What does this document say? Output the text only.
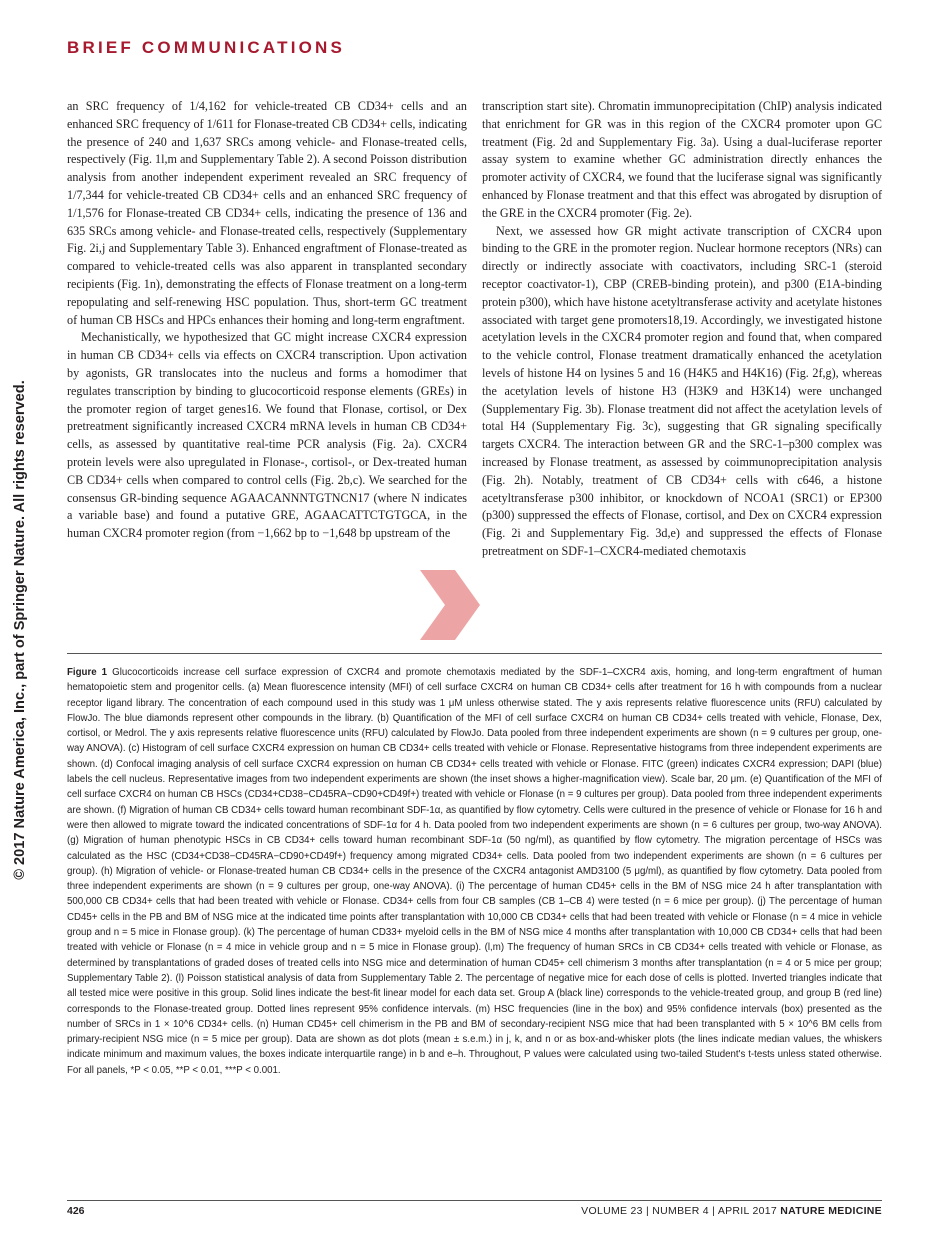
BRIEF COMMUNICATIONS
© 2017 Nature America, Inc., part of Springer Nature. All rights reserved.

an SRC frequency of 1/4,162 for vehicle-treated CB CD34+ cells and an enhanced SRC frequency of 1/611 for Flonase-treated CB CD34+ cells, indicating the presence of 240 and 1,637 SRCs among vehicle- and Flonase-treated cells, respectively (Fig. 1l,m and Supplementary Table 2). A second Poisson distribution analysis from another independent experiment revealed an SRC frequency of 1/7,344 for vehicle-treated CB CD34+ cells and an enhanced SRC frequency of 1/1,576 for Flonase-treated CB CD34+ cells, indicating the presence of 136 and 635 SRCs among vehicle- and Flonase-treated cells, respectively (Supplementary Fig. 2i,j and Supplementary Table 3). Enhanced engraftment of Flonase-treated as compared to vehicle-treated cells was also apparent in transplanted secondary recipients (Fig. 1n), demonstrating the effects of Flonase treatment on a long-term repopulating and self-renewing HSC population. Thus, short-term GC treatment of human CB HSCs and HPCs enhances their homing and long-term engraftment.

Mechanistically, we hypothesized that GC might increase CXCR4 expression in human CB CD34+ cells via effects on CXCR4 transcription. Upon activation by agonists, GR translocates into the nucleus and forms a homodimer that regulates transcription by binding to glucocorticoid response elements (GREs) in the promoter region of target genes16. We found that Flonase, cortisol, or Dex pretreatment significantly increased CXCR4 mRNA levels in human CB CD34+ cells, as assessed by quantitative real-time PCR analysis (Fig. 2a). CXCR4 protein levels were also upregulated in Flonase-, cortisol-, or Dex-treated human CB CD34+ cells when compared to control cells (Fig. 2b,c). We searched for the consensus GR-binding sequence AGAACANNNTGTNCN17 (where N indicates a variable base) and found a putative GRE, AGAACATTCTGTGCA, in the human CXCR4 promoter region (from −1,662 bp to −1,648 bp upstream of the

transcription start site). Chromatin immunoprecipitation (ChIP) analysis indicated that enrichment for GR was in this region of the CXCR4 promoter upon GC treatment (Fig. 2d and Supplementary Fig. 3a). Using a dual-luciferase reporter assay system to examine whether GC administration directly enhances the promoter activity of CXCR4, we found that the luciferase signal was significantly enhanced by Flonase treatment and that this effect was abrogated by disruption of the GRE in the CXCR4 promoter (Fig. 2e).

Next, we assessed how GR might activate transcription of CXCR4 upon binding to the GRE in the promoter region. Nuclear hormone receptors (NRs) can directly or indirectly associate with coactivators, including SRC-1 (steroid receptor coactivator-1), CBP (CREB-binding protein), and p300 (E1A-binding protein p300), which have histone acetyltransferase activity and acetylate histones associated with target gene promoters18,19. Accordingly, we investigated histone acetylation levels in the CXCR4 promoter region and found that, when compared to the vehicle control, Flonase treatment dramatically enhanced the acetylation levels of histone H4 on lysines 5 and 16 (H4K5 and H4K16) (Fig. 2f,g), whereas the acetylation levels of histone H3 (H3K9 and H3K14) were unchanged (Supplementary Fig. 3b). Flonase treatment did not affect the acetylation levels of total H4 (Supplementary Fig. 3c), suggesting that GR signaling specifically targets CXCR4. The interaction between GR and the SRC-1–p300 complex was increased by Flonase treatment, as assessed by coimmunoprecipitation analysis (Fig. 2h). Notably, treatment of CB CD34+ cells with c646, a histone acetyltransferase p300 inhibitor, or knockdown of NCOA1 (SRC1) or EP300 (p300) suppressed the effects of Flonase, cortisol, and Dex on CXCR4 expression (Fig. 2i and Supplementary Fig. 3d,e) and suppressed the effects of Flonase pretreatment on SDF-1–CXCR4-mediated chemotaxis

Figure 1 Glucocorticoids increase cell surface expression of CXCR4 and promote chemotaxis mediated by the SDF-1–CXCR4 axis, homing, and long-term engraftment of human hematopoietic stem and progenitor cells. (a) Mean fluorescence intensity (MFI) of cell surface CXCR4 on human CB CD34+ cells after treatment for 16 h with compounds from a nuclear receptor ligand library. The concentration of each compound used in this study was 1 μM unless otherwise stated. The y axis represents relative fluorescence units (RFU) calculated by FlowJo. The blue diamonds represent other compounds in the library. (b) Quantification of the MFI of cell surface CXCR4 on human CB CD34+ cells treated with vehicle, Flonase, Dex, cortisol, or Medrol. The y axis represents relative fluorescence units (RFU) calculated by FlowJo. Data pooled from three independent experiments are shown (n = 9 cultures per group, one-way ANOVA). (c) Histogram of cell surface CXCR4 expression on human CB CD34+ cells treated with vehicle or Flonase. Representative histograms from three independent experiments are shown. (d) Confocal imaging analysis of cell surface CXCR4 expression on human CB CD34+ cells treated with vehicle or Flonase. FITC (green) indicates CXCR4 expression; DAPI (blue) labels the cell nucleus. Representative images from two independent experiments are shown (the inset shows a higher-magnification view). Scale bar, 20 μm. (e) Quantification of the MFI of cell surface CXCR4 on human CB HSCs (CD34+CD38−CD45RA−CD90+CD49f+) treated with vehicle or Flonase (n = 9 cultures per group). Data pooled from three independent experiments are shown. (f) Migration of human CB CD34+ cells toward human recombinant SDF-1α, as quantified by flow cytometry. Cells were cultured in the presence of vehicle or Flonase for 16 h and were then allowed to migrate toward the indicated concentrations of SDF-1α for 4 h. Data pooled from two independent experiments are shown (n = 6 cultures per group, two-way ANOVA). (g) Migration of human phenotypic HSCs in CB CD34+ cells toward human recombinant SDF-1α (50 ng/ml), as quantified by flow cytometry. The migration percentage of HSCs was calculated as the HSC (CD34+CD38−CD45RA−CD90+CD49f+) frequency among migrated CD34+ cells. Data pooled from two independent experiments are shown (n = 6 cultures per group). (h) Migration of vehicle- or Flonase-treated human CB CD34+ cells in the presence of the CXCR4 antagonist AMD3100 (5 μg/ml), as quantified by flow cytometry. Data pooled from three independent experiments are shown (n = 9 cultures per group, one-way ANOVA). (i) The percentage of human CD45+ cells in the BM of NSG mice 24 h after transplantation with 500,000 CB CD34+ cells that had been treated with vehicle or Flonase. CD34+ cells from four CB samples (CB 1–CB 4) were tested (n = 6 mice per group). (j) The percentage of human CD45+ cells in the PB and BM of NSG mice at the indicated time points after transplantation with 10,000 CB CD34+ cells that had been treated with vehicle or Flonase (n = 4 mice in vehicle group and n = 5 mice in Flonase group). (k) The percentage of human CD33+ myeloid cells in the BM of NSG mice 4 months after transplantation with 10,000 CB CD34+ cells that had been treated with vehicle or Flonase (n = 4 mice in vehicle group and n = 5 mice in Flonase group). (l,m) The frequency of human SRCs in CB CD34+ cells treated with vehicle or Flonase, as determined by transplantations of graded doses of treated cells into NSG mice and determination of human CD45+ cell chimerism 3 months after transplantation (n = 4 or 5 mice per group; Supplementary Table 2). (l) Poisson statistical analysis of data from Supplementary Table 2. The percentage of negative mice for each dose of cells is plotted. Inverted triangles indicate that all tested mice were positive in this group. Solid lines indicate the best-fit linear model for each data set. Group A (black line) corresponds to the vehicle-treated group, and group B (red line) corresponds to the Flonase-treated group. Dotted lines represent 95% confidence intervals. (m) HSC frequencies (line in the box) and 95% confidence intervals (box) presented as the number of SRCs in 1 × 10^6 CD34+ cells. (n) Human CD45+ cell chimerism in the PB and BM of secondary-recipient NSG mice that had been transplanted with 5 × 10^6 BM cells from primary-recipient NSG mice (n = 5 mice per group). Data are shown as dot plots (mean ± s.e.m.) in j, k, and n or as box-and-whisker plots (the lines indicate median values, the whiskers indicate minimum and maximum values, the boxes indicate interquartile range) in b and e–h. Throughout, P values were calculated using two-tailed Student's t-tests unless stated otherwise. For all panels, *P < 0.05, **P < 0.01, ***P < 0.001.
426	VOLUME 23 | NUMBER 4 | APRIL 2017 NATURE MEDICINE
